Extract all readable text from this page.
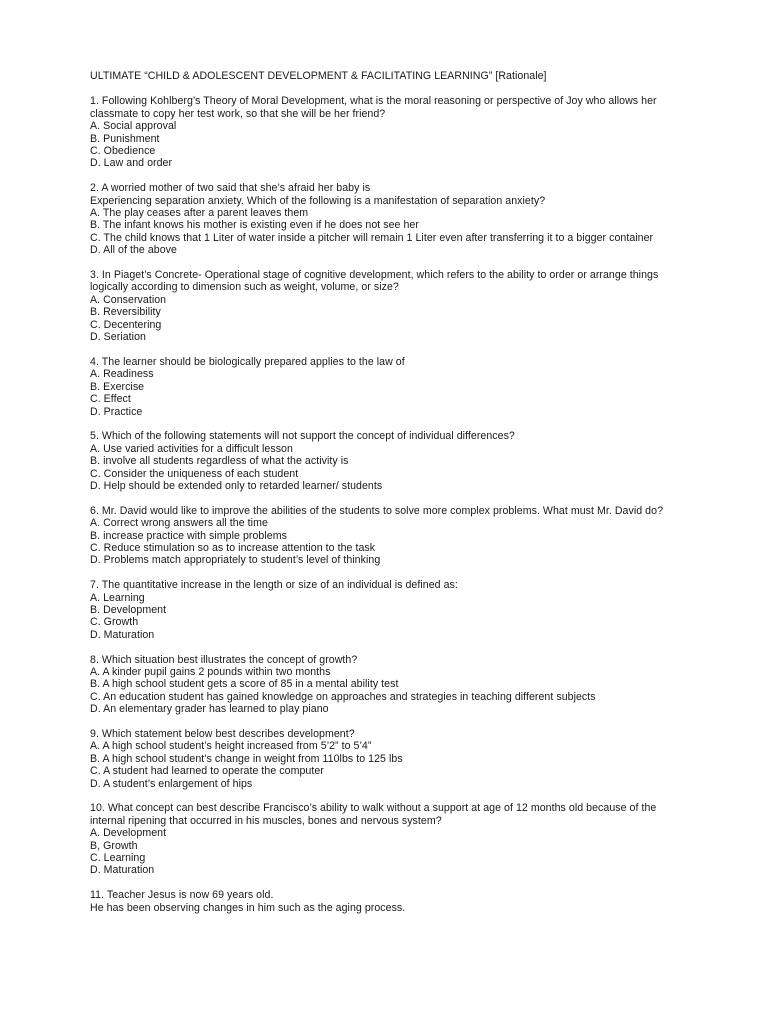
ULTIMATE “CHILD & ADOLESCENT DEVELOPMENT & FACILITATING LEARNING” [Rationale]
1. Following Kohlberg’s Theory of Moral Development, what is the moral reasoning or perspective of Joy who allows her classmate to copy her test work, so that she will be her friend?
A. Social approval
B. Punishment
C. Obedience
D. Law and order
2. A worried mother of two said that she’s afraid her baby is
Experiencing separation anxiety. Which of the following is a manifestation of separation anxiety?
A. The play ceases after a parent leaves them
B. The infant knows his mother is existing even if he does not see her
C. The child knows that 1 Liter of water inside a pitcher will remain 1 Liter even after transferring it to a bigger container
D. All of the above
3. In Piaget’s Concrete- Operational stage of cognitive development, which refers to the ability to order or arrange things logically according to dimension such as weight, volume, or size?
A. Conservation
B. Reversibility
C. Decentering
D. Seriation
4. The learner should be biologically prepared applies to the law of
A. Readiness
B. Exercise
C. Effect
D. Practice
5. Which of the following statements will not support the concept of individual differences?
A. Use varied activities for a difficult lesson
B. involve all students regardless of what the activity is
C. Consider the uniqueness of each student
D. Help should be extended only to retarded learner/ students
6. Mr. David would like to improve the abilities of the students to solve more complex problems. What must Mr. David do?
A. Correct wrong answers all the time
B. increase practice with simple problems
C. Reduce stimulation so as to increase attention to the task
D. Problems match appropriately to student’s level of thinking
7. The quantitative increase in the length or size of an individual is defined as:
A. Learning
B. Development
C. Growth
D. Maturation
8. Which situation best illustrates the concept of growth?
A. A kinder pupil gains 2 pounds within two months
B. A high school student gets a score of 85 in a mental ability test
C. An education student has gained knowledge on approaches and strategies in teaching different subjects
D. An elementary grader has learned to play piano
9. Which statement below best describes development?
A. A high school student’s height increased from 5’2” to 5’4”
B. A high school student’s change in weight from 110lbs to 125 lbs
C. A student had learned to operate the computer
D. A student’s enlargement of hips
10. What concept can best describe Francisco’s ability to walk without a support at age of 12 months old because of the internal ripening that occurred in his muscles, bones and nervous system?
A. Development
B, Growth
C. Learning
D. Maturation
11. Teacher Jesus is now 69 years old.
He has been observing changes in him such as the aging process.
